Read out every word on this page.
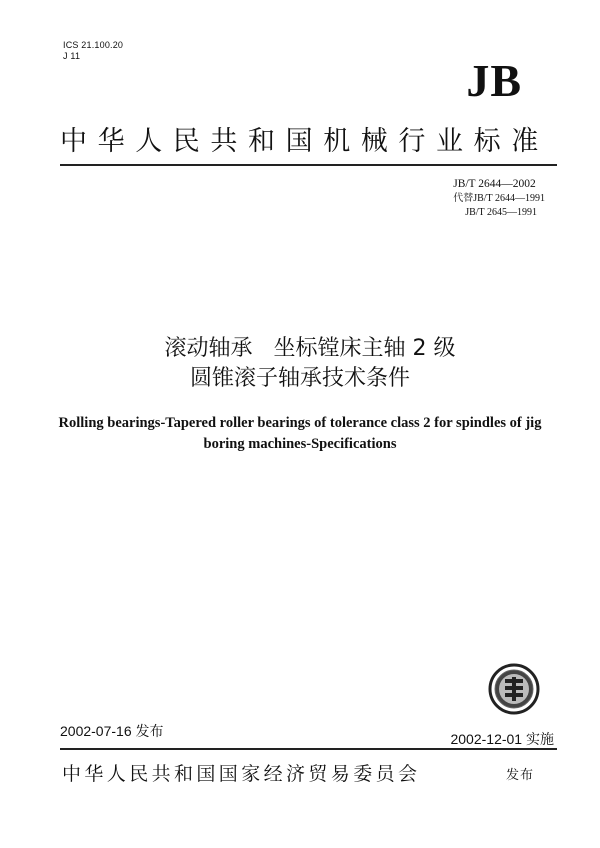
ICS 21.100.20
J 11	JB
中华人民共和国机械行业标准
JB/T 2644—2002
代替JB/T 2644—1991
JB/T 2645—1991
滚动轴承   坐标镗床主轴 2 级
圆锥滚子轴承技术条件
Rolling bearings-Tapered roller bearings of tolerance class 2 for spindles of jig boring machines-Specifications
2002-07-16 发布	2002-12-01 实施
中华人民共和国国家经济贸易委员会	发布
